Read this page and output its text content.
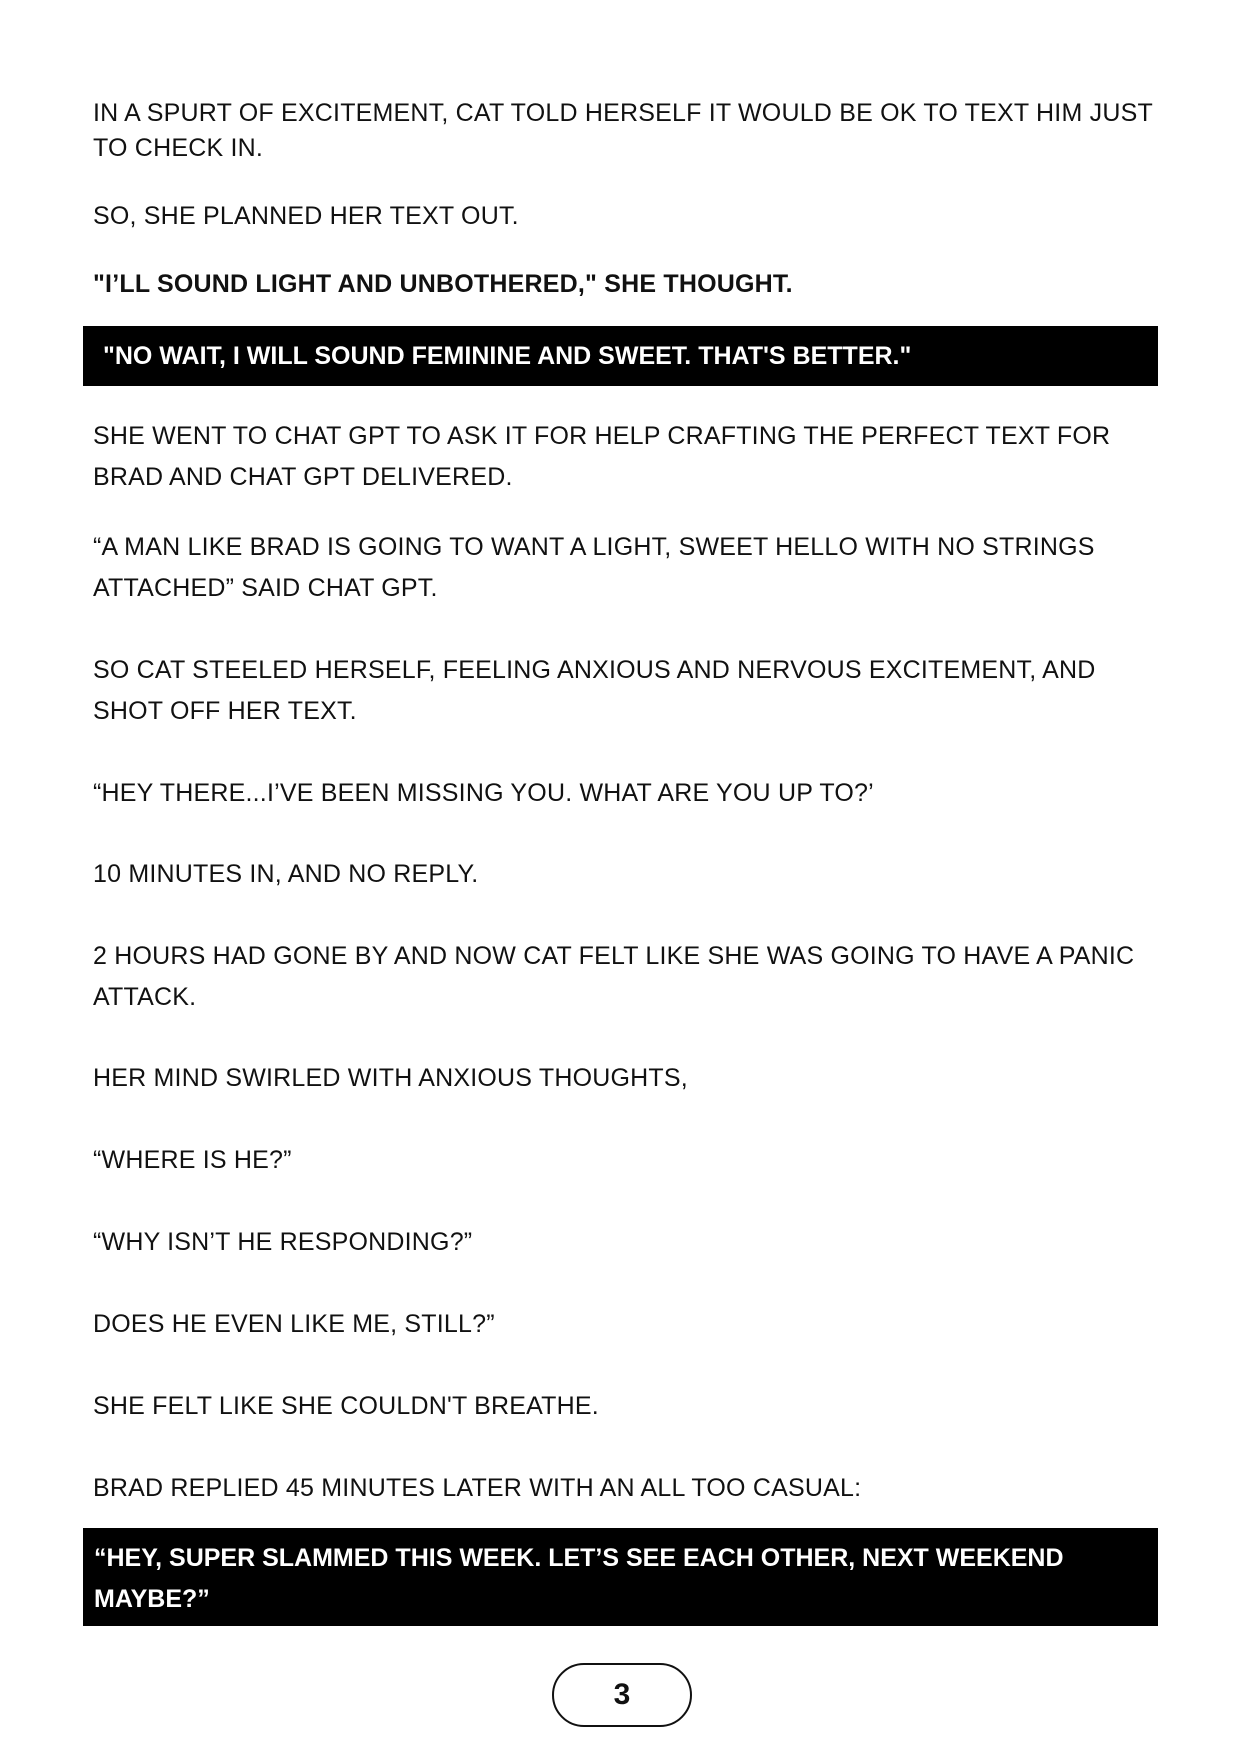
IN A SPURT OF EXCITEMENT, CAT TOLD HERSELF IT WOULD BE OK TO TEXT HIM JUST TO CHECK IN.

SO, SHE PLANNED HER TEXT OUT.

"I’LL SOUND LIGHT AND UNBOTHERED," SHE THOUGHT.

"NO WAIT, I WILL SOUND FEMININE AND SWEET. THAT'S BETTER."

SHE WENT TO CHAT GPT TO ASK IT FOR HELP CRAFTING THE PERFECT TEXT FOR BRAD AND CHAT GPT DELIVERED.

“A MAN LIKE BRAD IS GOING TO WANT A LIGHT, SWEET HELLO WITH NO STRINGS ATTACHED” SAID CHAT GPT.

SO CAT STEELED HERSELF, FEELING ANXIOUS AND NERVOUS EXCITEMENT, AND SHOT OFF HER TEXT.

“HEY THERE...I’VE BEEN MISSING YOU. WHAT ARE YOU UP TO?’

10 MINUTES IN, AND NO REPLY.

2 HOURS HAD GONE BY AND NOW CAT FELT LIKE SHE WAS GOING TO HAVE A PANIC ATTACK.

HER MIND SWIRLED WITH ANXIOUS THOUGHTS,

“WHERE IS HE?”

“WHY ISN’T HE RESPONDING?”

DOES HE EVEN LIKE ME, STILL?”

SHE FELT LIKE SHE COULDN'T BREATHE.

BRAD REPLIED 45 MINUTES LATER WITH AN ALL TOO CASUAL:

“HEY, SUPER SLAMMED THIS WEEK. LET’S SEE EACH OTHER, NEXT WEEKEND MAYBE?”
3
